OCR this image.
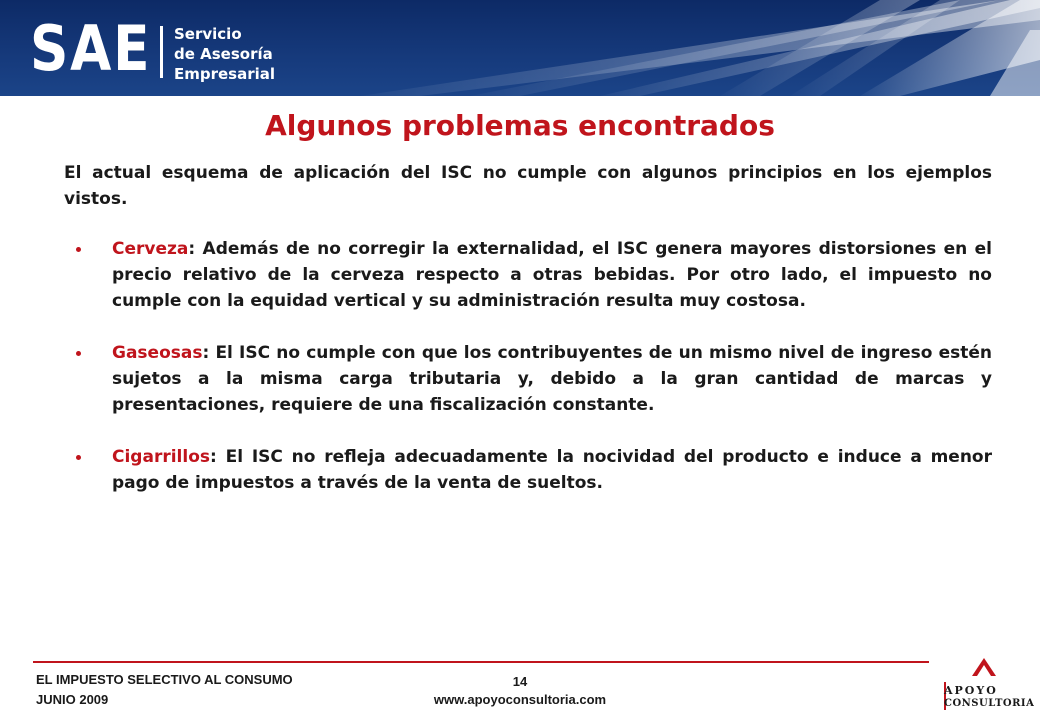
SAE Servicio
de Asesoría
Empresarial
Algunos problemas encontrados
El actual esquema de aplicación del ISC no cumple con algunos principios en los ejemplos vistos.
Cerveza: Además de no corregir la externalidad, el ISC genera mayores distorsiones en el precio relativo de la cerveza respecto a otras bebidas. Por otro lado, el impuesto no cumple con la equidad vertical y su administración resulta muy costosa.
Gaseosas: El ISC no cumple con que los contribuyentes de un mismo nivel de ingreso estén sujetos a la misma carga tributaria y, debido a la gran cantidad de marcas y presentaciones, requiere de una fiscalización constante.
Cigarrillos: El ISC no refleja adecuadamente la nocividad del producto e induce a menor pago de impuestos a través de la venta de sueltos.
EL IMPUESTO SELECTIVO AL CONSUMO
JUNIO 2009
14
www.apoyoconsultoria.com
APOYO
CONSULTORIA
